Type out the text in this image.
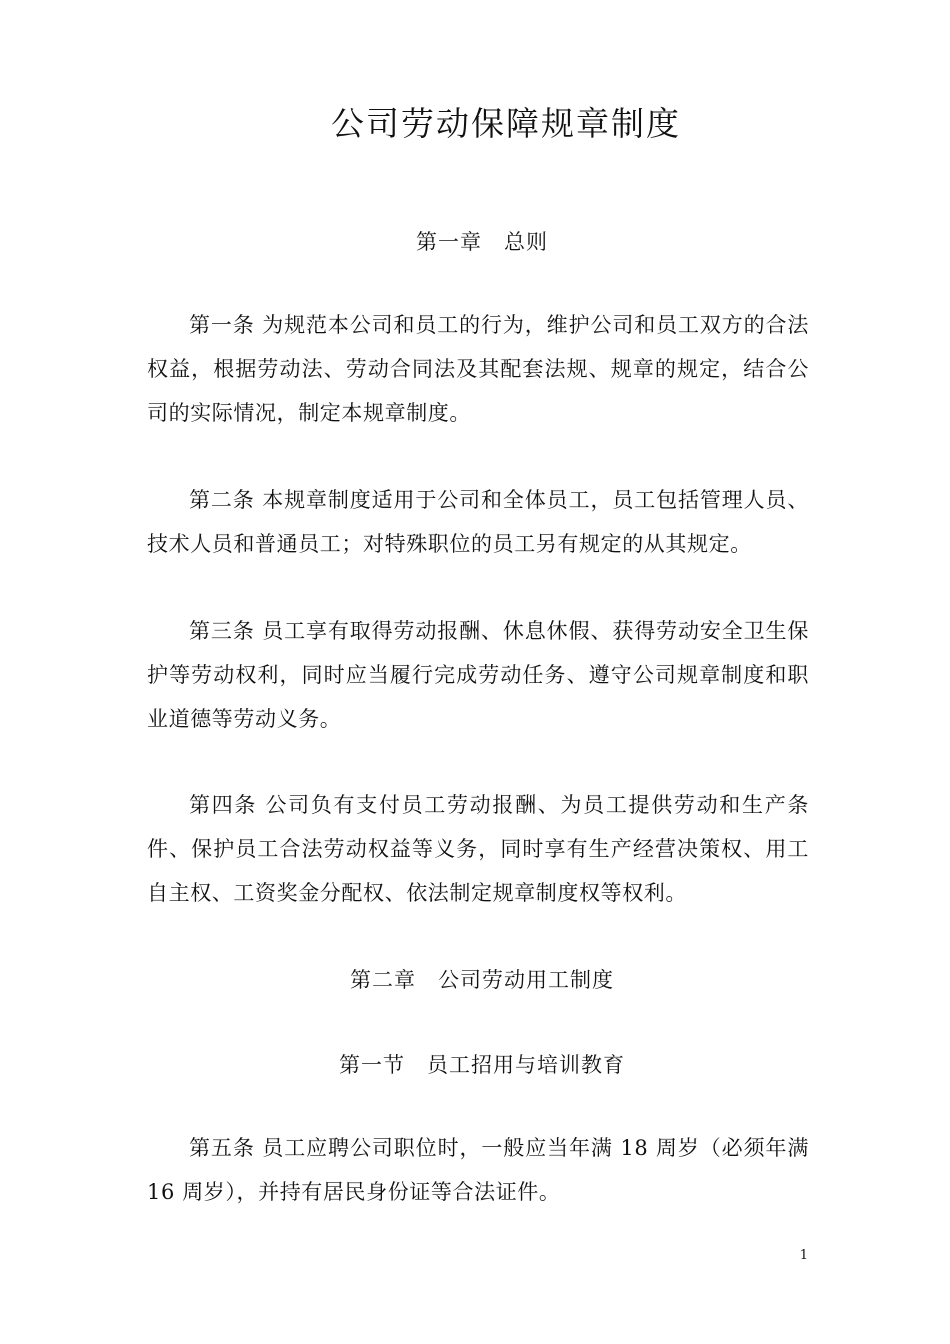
公司劳动保障规章制度
第一章　总则
第一条 为规范本公司和员工的行为，维护公司和员工双方的合法权益，根据劳动法、劳动合同法及其配套法规、规章的规定，结合公司的实际情况，制定本规章制度。
第二条 本规章制度适用于公司和全体员工，员工包括管理人员、技术人员和普通员工；对特殊职位的员工另有规定的从其规定。
第三条 员工享有取得劳动报酬、休息休假、获得劳动安全卫生保护等劳动权利，同时应当履行完成劳动任务、遵守公司规章制度和职业道德等劳动义务。
第四条 公司负有支付员工劳动报酬、为员工提供劳动和生产条件、保护员工合法劳动权益等义务，同时享有生产经营决策权、用工自主权、工资奖金分配权、依法制定规章制度权等权利。
第二章　公司劳动用工制度
第一节　员工招用与培训教育
第五条 员工应聘公司职位时，一般应当年满 18 周岁（必须年满 16 周岁），并持有居民身份证等合法证件。
1
